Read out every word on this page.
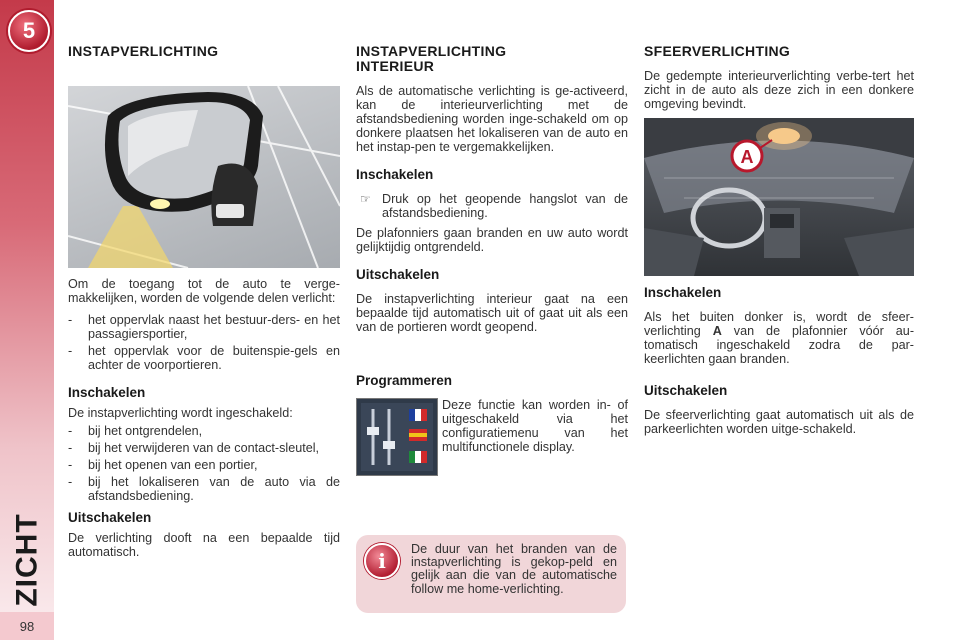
5
ZICHT
98
INSTAPVERLICHTING

Om de toegang tot de auto te verge-makkelijken, worden de volgende delen verlicht:

- het oppervlak naast het bestuur-ders- en het passagiersportier,
- het oppervlak voor de buitenspie-gels en achter de voorportieren.
Inschakelen

De instapverlichting wordt ingeschakeld:

- bij het ontgrendelen,
- bij het verwijderen van de contact-sleutel,
- bij het openen van een portier,
- bij het lokaliseren van de auto via de afstandsbediening.
Uitschakelen

De verlichting dooft na een bepaalde tijd automatisch.

INSTAPVERLICHTING
INTERIEUR

Als de automatische verlichting is ge-activeerd, kan de interieurverlichting met de afstandsbediening worden inge-schakeld om op donkere plaatsen het lokaliseren van de auto en het instap-pen te vergemakkelijken.

Inschakelen
☞ Druk op het geopende hangslot van de afstandsbediening.

De plafonniers gaan branden en uw auto wordt gelijktijdig ontgrendeld.

Uitschakelen

De instapverlichting interieur gaat na een bepaalde tijd automatisch uit of gaat uit als een van de portieren wordt geopend.

Programmeren

Deze functie kan worden in- of uitgeschakeld via het configuratiemenu van het multifunctionele display.

i	De duur van het branden van de instapverlichting is gekop-peld en gelijk aan die van de automatische follow me home-verlichting.
SFEERVERLICHTING

De gedempte interieurverlichting verbe-tert het zicht in de auto als deze zich in een donkere omgeving bevindt.

A
Inschakelen

Als het buiten donker is, wordt de sfeer-verlichting A van de plafonnier vóór au-tomatisch ingeschakeld zodra de par-keerlichten gaan branden.

Uitschakelen

De sfeerverlichting gaat automatisch uit als de parkeerlichten worden uitge-schakeld.
